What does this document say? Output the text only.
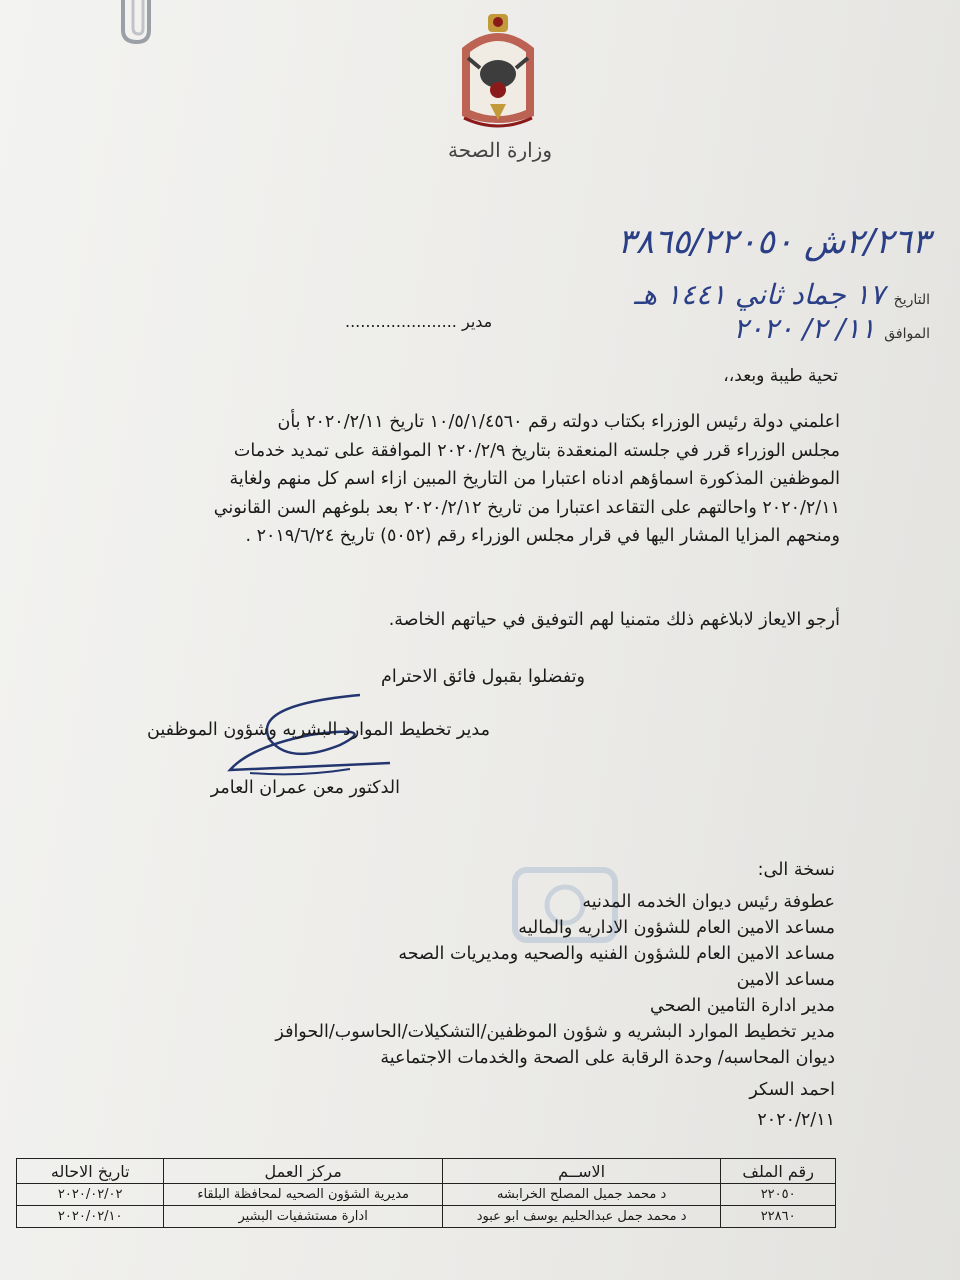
وزارة الصحة
٢/٢٦٣ش ٣٨٦٥/٢٢٠٥٠
التاريخ ١٧ جماد ثاني ١٤٤١ هـ
الموافق ١١/ ٢/ ٢٠٢٠
مدير ......................
تحية طيبة وبعد،،

اعلمني دولة رئيس الوزراء بكتاب دولته رقم ١٠/٥/١/٤٥٦٠ تاريخ ٢٠٢٠/٢/١١ بأن

مجلس الوزراء قرر في جلسته المنعقدة بتاريخ ٢٠٢٠/٢/٩ الموافقة على تمديد خدمات

الموظفين المذكورة اسماؤهم ادناه اعتبارا من التاريخ المبين ازاء اسم كل منهم ولغاية

٢٠٢٠/٢/١١ واحالتهم على التقاعد اعتبارا من تاريخ ٢٠٢٠/٢/١٢ بعد بلوغهم السن القانوني

ومنحهم المزايا المشار اليها في قرار مجلس الوزراء رقم (٥٠٥٢) تاريخ ٢٠١٩/٦/٢٤ .

أرجو الايعاز لابلاغهم ذلك متمنيا لهم التوفيق في حياتهم الخاصة.
وتفضلوا بقبول فائق الاحترام
مدير تخطيط الموارد البشريه وشؤون الموظفين
الدكتور معن عمران العامر
نسخة الى:
عطوفة رئيس ديوان الخدمه المدنيه
مساعد الامين العام للشؤون الاداريه والماليه
مساعد الامين العام للشؤون الفنيه والصحيه ومديريات الصحه
مساعد الامين
مدير ادارة التامين الصحي
مدير تخطيط الموارد البشريه و شؤون الموظفين/التشكيلات/الحاسوب/الحوافز
ديوان المحاسبه/ وحدة الرقابة على الصحة والخدمات الاجتماعية
احمد السكر
٢٠٢٠/٢/١١
رقم الملف	الاســم	مركز العمل	تاريخ الاحاله
٢٢٠٥٠	د محمد جميل المصلح الخرابشه	مديرية الشؤون الصحيه لمحافظة البلقاء	٢٠٢٠/٠٢/٠٢
٢٢٨٦٠	د محمد جمل عبدالحليم يوسف ابو عبود	ادارة مستشفيات البشير	٢٠٢٠/٠٢/١٠
